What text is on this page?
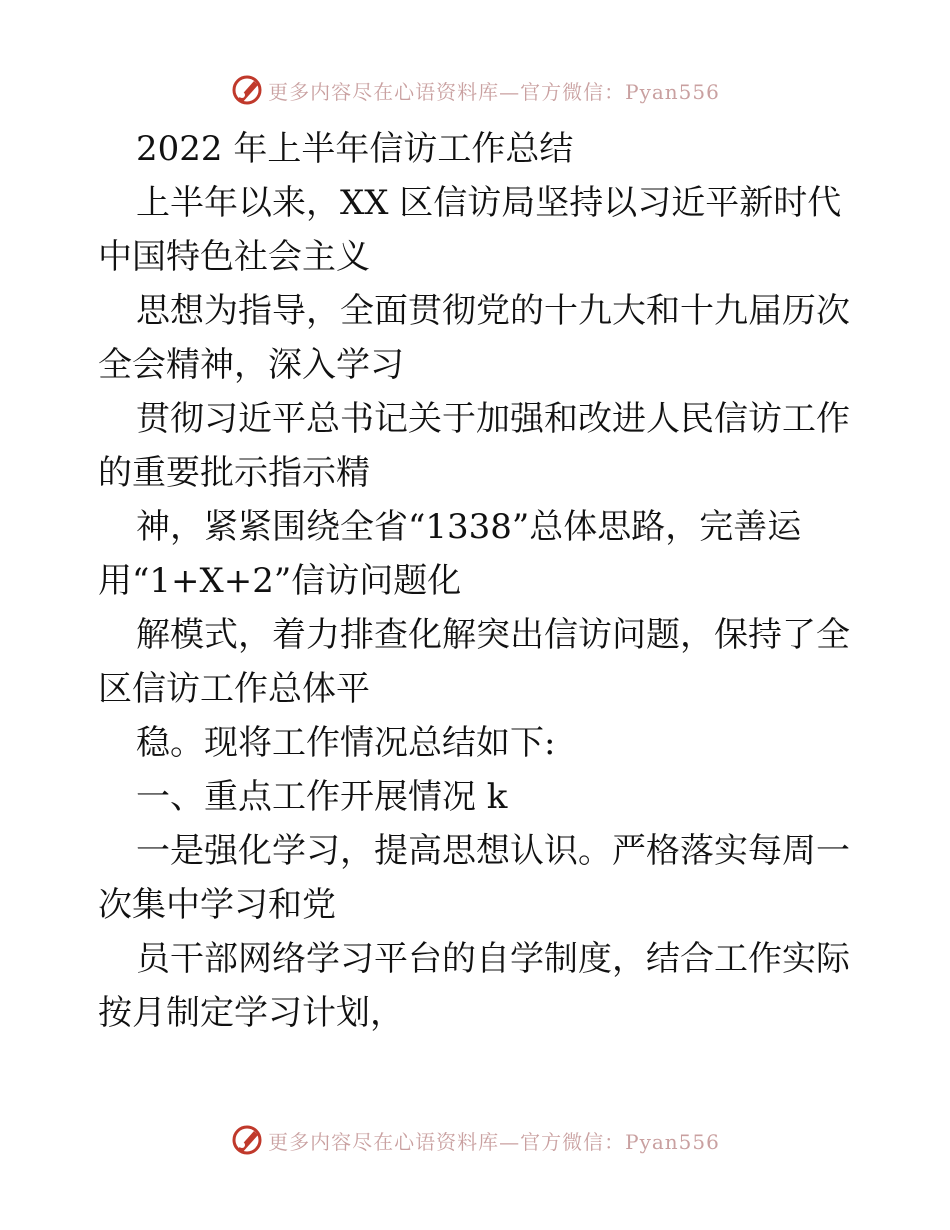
更多内容尽在心语资料库—官方微信：Pyan556

2022 年上半年信访工作总结

上半年以来，XX 区信访局坚持以习近平新时代

中国特色社会主义

思想为指导，全面贯彻党的十九大和十九届历次

全会精神，深入学习

贯彻习近平总书记关于加强和改进人民信访工作

的重要批示指示精

神，紧紧围绕全省“1338”总体思路，完善运

用“1+X+2”信访问题化

解模式，着力排查化解突出信访问题，保持了全

区信访工作总体平

稳。现将工作情况总结如下:

一、重点工作开展情况 k

一是强化学习，提高思想认识。严格落实每周一

次集中学习和党

员干部网络学习平台的自学制度，结合工作实际

按月制定学习计划，

更多内容尽在心语资料库—官方微信：Pyan556
